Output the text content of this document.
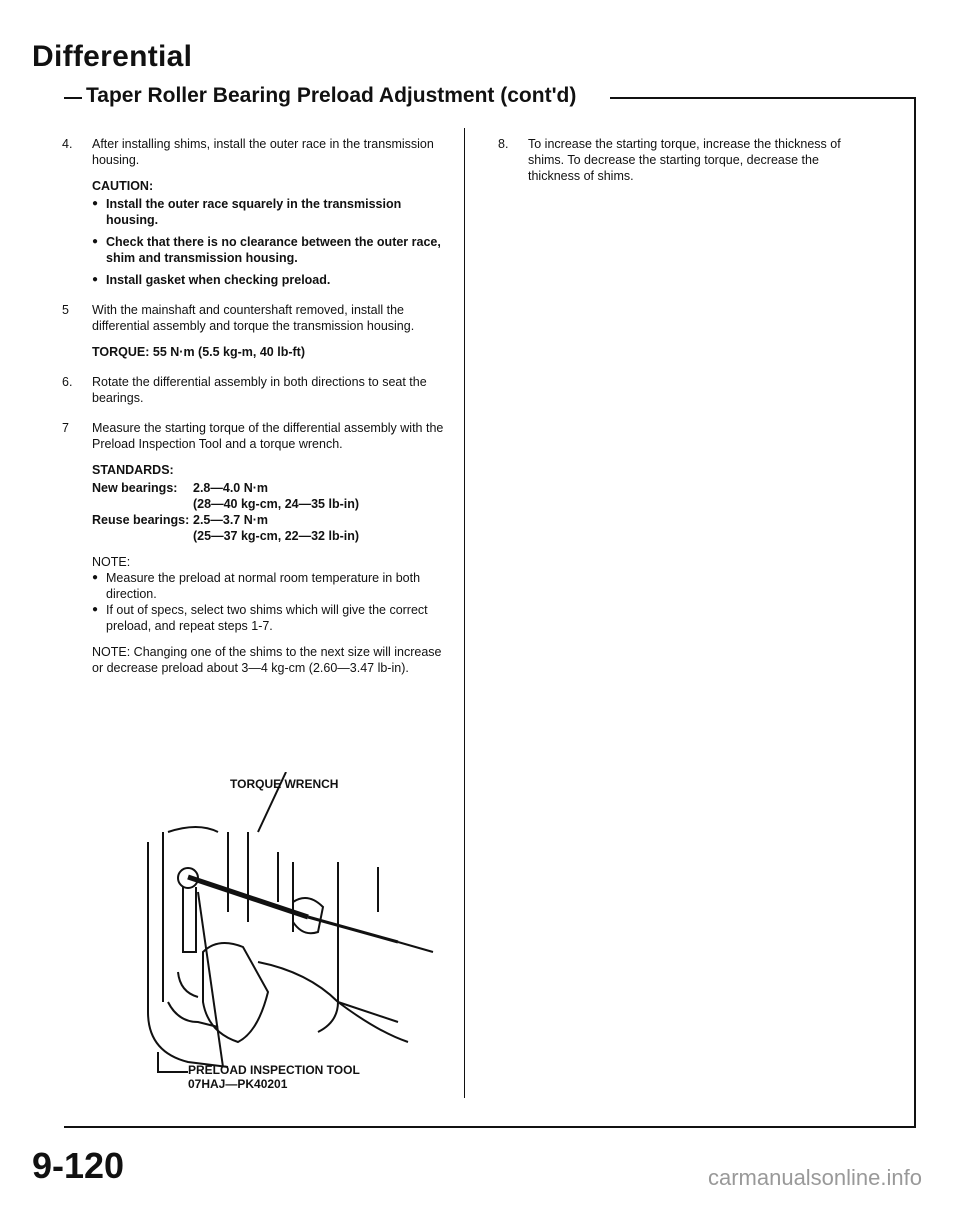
Differential
Taper Roller Bearing Preload Adjustment (cont'd)
4. After installing shims, install the outer race in the transmission housing.
CAUTION:
● Install the outer race squarely in the transmission housing.
● Check that there is no clearance between the outer race, shim and transmission housing.
● Install gasket when checking preload.
5 With the mainshaft and countershaft removed, install the differential assembly and torque the transmission housing.
TORQUE: 55 N·m (5.5 kg-m, 40 lb-ft)
6. Rotate the differential assembly in both directions to seat the bearings.
7 Measure the starting torque of the differential assembly with the Preload Inspection Tool and a torque wrench.
STANDARDS:
New bearings:	2.8—4.0 N·m
(28—40 kg-cm, 24—35 lb-in)
Reuse bearings: 2.5—3.7 N·m
(25—37 kg-cm, 22—32 lb-in)
NOTE:
● Measure the preload at normal room temperature in both direction.
● If out of specs, select two shims which will give the correct preload, and repeat steps 1-7.
NOTE: Changing one of the shims to the next size will increase or decrease preload about 3—4 kg-cm (2.60—3.47 lb-in).
8. To increase the starting torque, increase the thickness of shims. To decrease the starting torque, decrease the thickness of shims.
TORQUE WRENCH
PRELOAD INSPECTION TOOL
07HAJ—PK40201
9-120	carmanualsonline.info
